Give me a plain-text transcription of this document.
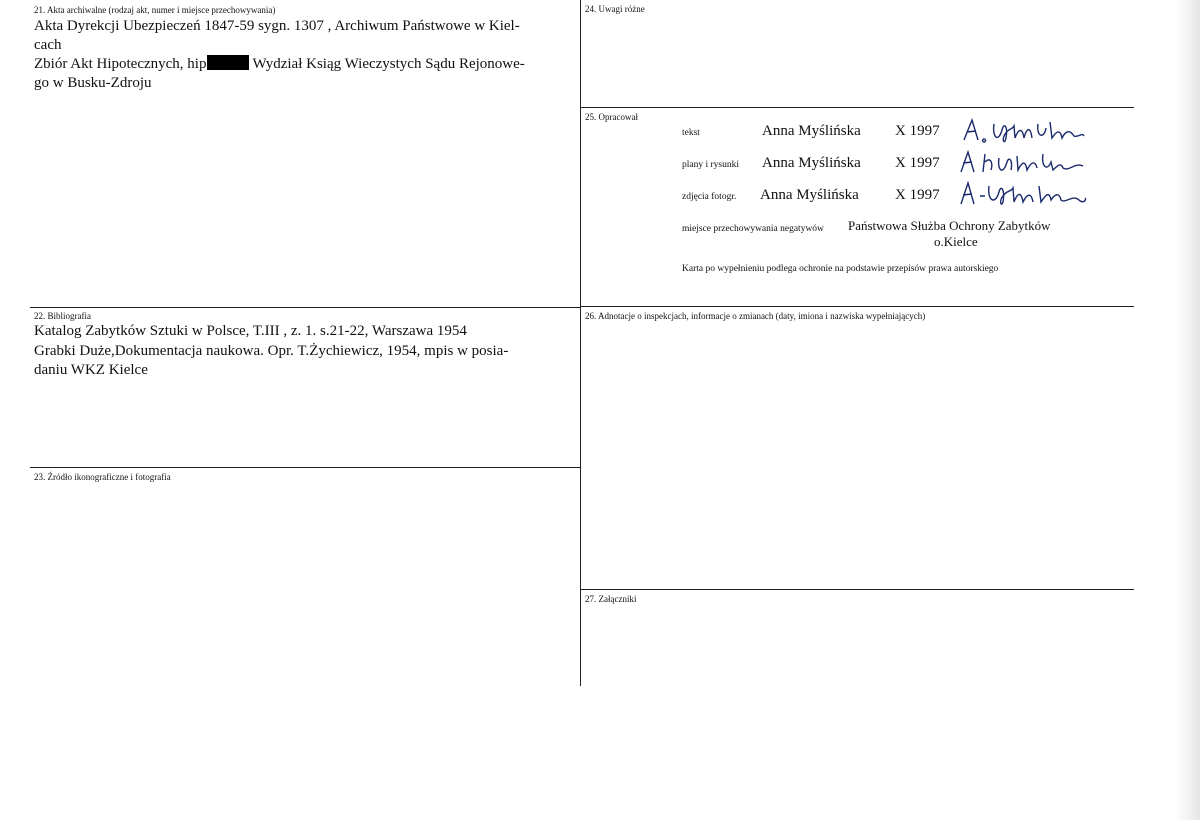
21. Akta archiwalne (rodzaj akt, numer i miejsce przechowywania)
Akta Dyrekcji Ubezpieczeń 1847-59 sygn. 1307 , Archiwum Państwowe w Kiel-
cach
Zbiór Akt Hipotecznych, hip	Wydział Ksiąg Wieczystych Sądu Rejonowe-
go w Busku-Zdroju
24. Uwagi różne
25. Opracował
tekst	Anna Myślińska X 1997
plany i rysunki Anna Myślińska X 1997
zdjęcia fotogr. Anna Myślińska X 1997
miejsce przechowywania negatywów Państwowa Służba Ochrony Zabytków
o.Kielce
Karta po wypełnieniu podlega ochronie na podstawie przepisów prawa autorskiego
22. Bibliografia
Katalog Zabytków Sztuki w Polsce, T.III , z. 1. s.21-22, Warszawa 1954
Grabki Duże,Dokumentacja naukowa. Opr. T.Żychiewicz, 1954, mpis w posia-
daniu WKZ Kielce
23. Źródło ikonograficzne i fotografia
26. Adnotacje o inspekcjach, informacje o zmianach (daty, imiona i nazwiska wypełniających)
27. Załączniki
